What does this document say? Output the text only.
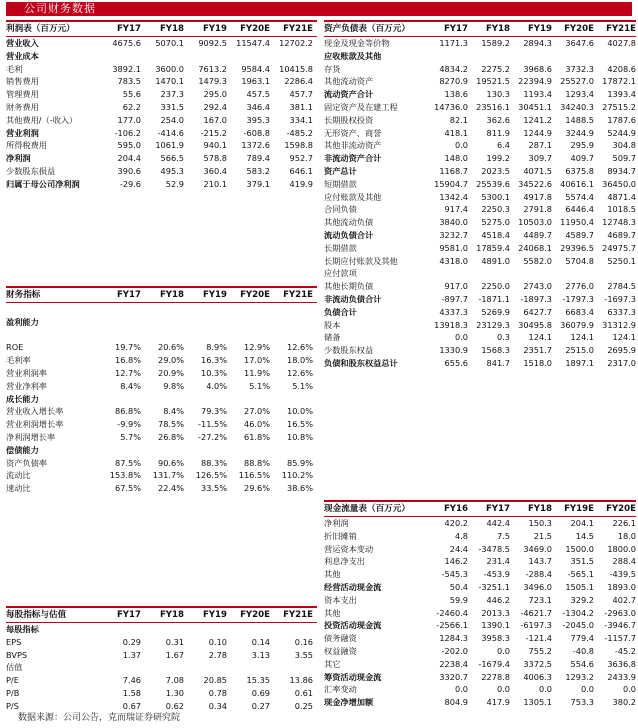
公司财务数据
利润表（百万元）	FY17	FY18	FY19	FY20E	FY21E
营业收入	4675.6	5070.1	9092.5	11547.4	12702.2
营业成本
毛利	3892.1	3600.0	7613.2	9584.4	10415.8
销售费用	783.5	1470.1	1479.3	1963.1	2286.4
管理费用	55.6	237.3	295.0	457.5	457.7
财务费用	62.2	331.5	292.4	346.4	381.1
其他费用/（-收入）	177.0	254.0	167.0	395.3	334.1
营业利润	-106.2	-414.6	-215.2	-608.8	-485.2
所得税费用	595.0	1061.9	940.1	1372.6	1598.8
净利润	204.4	566.5	578.8	789.4	952.7
少数股东损益	390.6	495.3	360.4	583.2	646.1
归属于母公司净利润	-29.6	52.9	210.1	379.1	419.9
财务指标	FY17	FY18	FY19	FY20E	FY21E
盈利能力
ROE	19.7%	20.6%	8.9%	12.9%	12.6%
毛利率	16.8%	29.0%	16.3%	17.0%	18.0%
营业利润率	12.7%	20.9%	10.3%	11.9%	12.6%
营业净利率	8.4%	9.8%	4.0%	5.1%	5.1%
成长能力
营业收入增长率	86.8%	8.4%	79.3%	27.0%	10.0%
营业利润增长率	-9.9%	78.5%	-11.5%	46.0%	16.5%
净利润增长率	5.7%	26.8%	-27.2%	61.8%	10.8%
偿债能力
资产负债率	87.5%	90.6%	88.3%	88.8%	85.9%
流动比	153.8%	131.7%	126.5%	116.5%	110.2%
速动比	67.5%	22.4%	33.5%	29.6%	38.6%
每股指标与估值	FY17	FY18	FY19	FY20E	FY21E
每股指标
EPS	0.29	0.31	0.10	0.14	0.16
BVPS	1.37	1.67	2.78	3.13	3.55
估值
P/E	7.46	7.08	20.85	15.35	13.86
P/B	1.58	1.30	0.78	0.69	0.61
P/S	0.67	0.62	0.34	0.27	0.25
资产负债表（百万元）	FY17	FY18	FY19	FY20E	FY21E
现金及现金等价物	1171.3	1589.2	2894.3	3647.6	4027.8
应收账款及其他
存货	4834.2	2275.2	3968.6	3732.3	4208.6
其他流动资产	8270.9 19521.5 22394.9 25527.0 17872.1
流动资产合计	138.6	130.3	1193.4	1293.4	1393.4
固定资产及在建工程	14736.0 23516.1 30451.1 34240.3 27515.2
长期股权投资	82.1	362.6	1241.2	1488.5	1787.6
无形资产、商誉	418.1	811.9	1244.9	3244.9	5244.9
其他非流动资产	0.0	6.4	287.1	295.9	304.8
非流动资产合计	148.0	199.2	309.7	409.7	509.7
资产总计	1168.7	2023.5	4071.5	6375.8	8934.7
短期借款	15904.7 25539.6 34522.6 40616.1 36450.0
应付账款及其他	1342.4	5300.1	4917.8	5574.4	4871.4
合同负债	917.4	2250.3	2791.8	6446.4	1018.5
其他流动负债	3840.0	5275.0 10503.0 11950.4 12748.3
流动负债合计	3232.7	4518.4	4489.7	4589.7	4689.7
长期借款	9581.0 17859.4 24068.1 29396.5 24975.7
长期应付账款及其他	4318.0	4891.0	5582.0	5704.8	5250.1
应付款项
其他长期负债	917.0	2250.0	2743.0	2776.0	2784.5
非流动负债合计	-897.7	-1871.1	-1897.3	-1797.3	-1697.3
负债合计	4337.3	5269.9	6427.7	6683.4	6337.3
股本	13918.3 23129.3 30495.8 36079.9 31312.9
储备	0.0	0.3	124.1	124.1	124.1
少数股东权益	1330.9	1568.3	2351.7	2515.0	2695.9
负债和股东权益总计	655.6	841.7	1518.0	1897.1	2317.0
现金流量表（百万元）	FY16	FY17	FY18	FY19E	FY20E
净利润	420.2	442.4	150.3	204.1	226.1
折旧摊销	4.8	7.5	21.5	14.5	18.0
营运资本变动	24.4	-3478.5	3469.0	1500.0	1800.0
利息净支出	146.2	231.4	143.7	351.5	288.4
其他	-545.3	-453.9	-288.4	-565.1	-439.5
经营活动现金流	50.4	-3251.1	3496.0	1505.1	1893.0
资本支出	59.9	446.2	723.1	329.2	402.7
其他	-2460.4	2013.3	-4621.7	-1304.2	-2963.0
投资活动现金流	-2566.1	1390.1	-6197.3	-2045.0	-3946.7
债务融资	1284.3	3958.3	-121.4	779.4	-1157.7
权益融资	-202.0	0.0	755.2	-40.8	-45.2
其它	2238.4	-1679.4	3372.5	554.6	3636.8
筹资活动现金流	3320.7	2278.8	4006.3	1293.2	2433.9
汇率变动	0.0	0.0	0.0	0.0	0.0
现金净增加额	804.9	417.9	1305.1	753.3	380.2
数据来源：公司公告，克而瑞证券研究院
